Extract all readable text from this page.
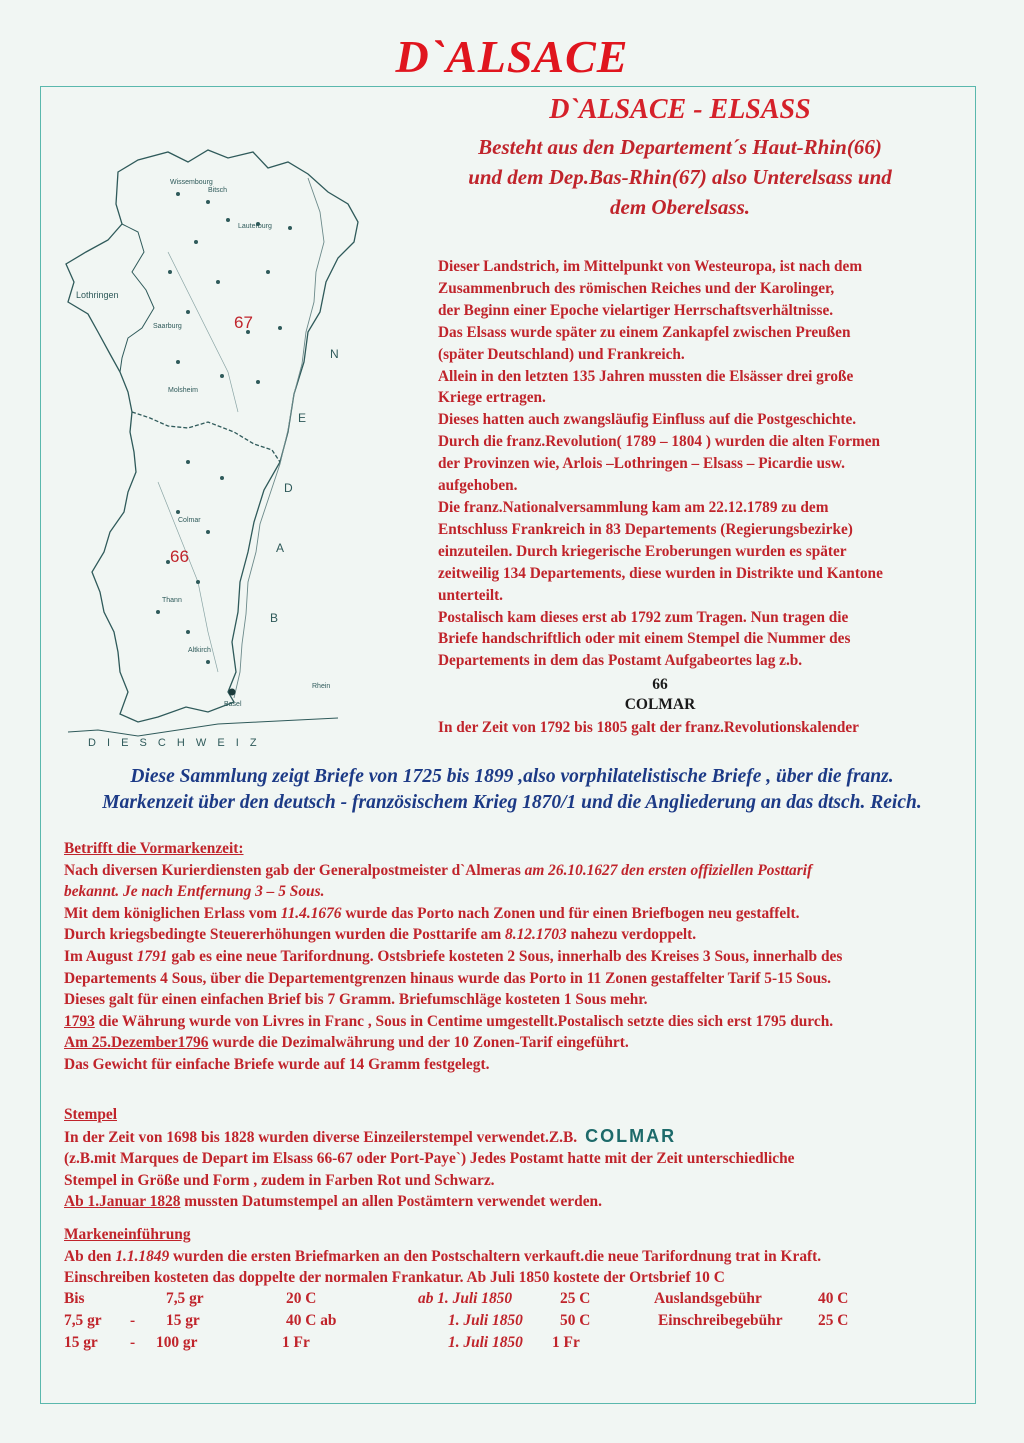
D`ALSACE
Wissembourg
Bitsch
Lauterburg
Saarburg
Molsheim
Colmar
Thann
Altkirch
Lothringen
67
66
N
E
D
A
B
Basel
Rhein
D I E S C H W E I Z
D`ALSACE - ELSASS
Besteht aus den Departement´s Haut-Rhin(66)
und dem Dep.Bas-Rhin(67) also Unterelsass und
dem Oberelsass.
Dieser Landstrich, im Mittelpunkt von Westeuropa, ist nach dem
Zusammenbruch des römischen Reiches und der Karolinger,
der Beginn einer Epoche vielartiger Herrschaftsverhältnisse.
Das Elsass wurde später zu einem Zankapfel zwischen Preußen
(später Deutschland) und Frankreich.
Allein in den letzten 135 Jahren mussten die Elsässer drei große
Kriege ertragen.
Dieses hatten auch zwangsläufig Einfluss auf die Postgeschichte.
Durch die franz.Revolution( 1789 – 1804 ) wurden die alten Formen
der Provinzen wie, Arlois –Lothringen – Elsass – Picardie usw.
aufgehoben.
Die franz.Nationalversammlung kam am 22.12.1789 zu dem
Entschluss Frankreich in 83 Departements (Regierungsbezirke)
einzuteilen. Durch kriegerische Eroberungen wurden es später
zeitweilig 134 Departements, diese wurden in Distrikte und Kantone
unterteilt.
Postalisch kam dieses erst ab 1792 zum Tragen. Nun tragen die
Briefe handschriftlich oder mit einem Stempel die Nummer des
Departements in dem das Postamt Aufgabeortes lag z.b.
66
COLMAR
In der Zeit von 1792 bis 1805 galt der franz.Revolutionskalender
Diese Sammlung zeigt Briefe von 1725 bis 1899 ,also vorphilatelistische Briefe , über die franz.
Markenzeit über den deutsch - französischem Krieg 1870/1 und die Angliederung an das dtsch. Reich.
Betrifft die Vormarkenzeit:
Nach diversen Kurierdiensten gab der Generalpostmeister d`Almeras am 26.10.1627 den ersten offiziellen Posttarif
bekannt. Je nach Entfernung 3 – 5 Sous.
Mit dem königlichen Erlass vom 11.4.1676 wurde das Porto nach Zonen und für einen Briefbogen neu gestaffelt.
Durch kriegsbedingte Steuererhöhungen wurden die Posttarife am 8.12.1703 nahezu verdoppelt.
Im August 1791 gab es eine neue Tarifordnung. Ostsbriefe kosteten 2 Sous, innerhalb des Kreises 3 Sous, innerhalb des
Departements 4 Sous, über die Departementgrenzen hinaus wurde das Porto in 11 Zonen gestaffelter Tarif 5-15 Sous.
Dieses galt für einen einfachen Brief bis 7 Gramm. Briefumschläge kosteten 1 Sous mehr.
1793 die Währung wurde von Livres in Franc , Sous in Centime umgestellt.Postalisch setzte dies sich erst 1795 durch.
Am 25.Dezember1796 wurde die Dezimalwährung und der 10 Zonen-Tarif eingeführt.
Das Gewicht für einfache Briefe wurde auf 14 Gramm festgelegt.
Stempel
In der Zeit von 1698 bis 1828 wurden diverse Einzeilerstempel verwendet.Z.B. COLMAR
(z.B.mit Marques de Depart im Elsass 66-67 oder Port-Paye`) Jedes Postamt hatte mit der Zeit unterschiedliche
Stempel in Größe und Form , zudem in Farben Rot und Schwarz.
Ab 1.Januar 1828 mussten Datumstempel an allen Postämtern verwendet werden.
Markeneinführung
Ab den 1.1.1849 wurden die ersten Briefmarken an den Postschaltern verkauft.die neue Tarifordnung trat in Kraft.
Einschreiben kosteten das doppelte der normalen Frankatur. Ab Juli 1850 kostete der Ortsbrief 10 C
Bis	7,5 gr	20 C	ab 1. Juli 1850	25 C	Auslandsgebühr	40 C
7,5 gr - 15 gr	40 C ab	1. Juli 1850 50 C	Einschreibegebühr 25 C
15 gr - 100 gr	1 Fr	1. Juli 1850 1 Fr
